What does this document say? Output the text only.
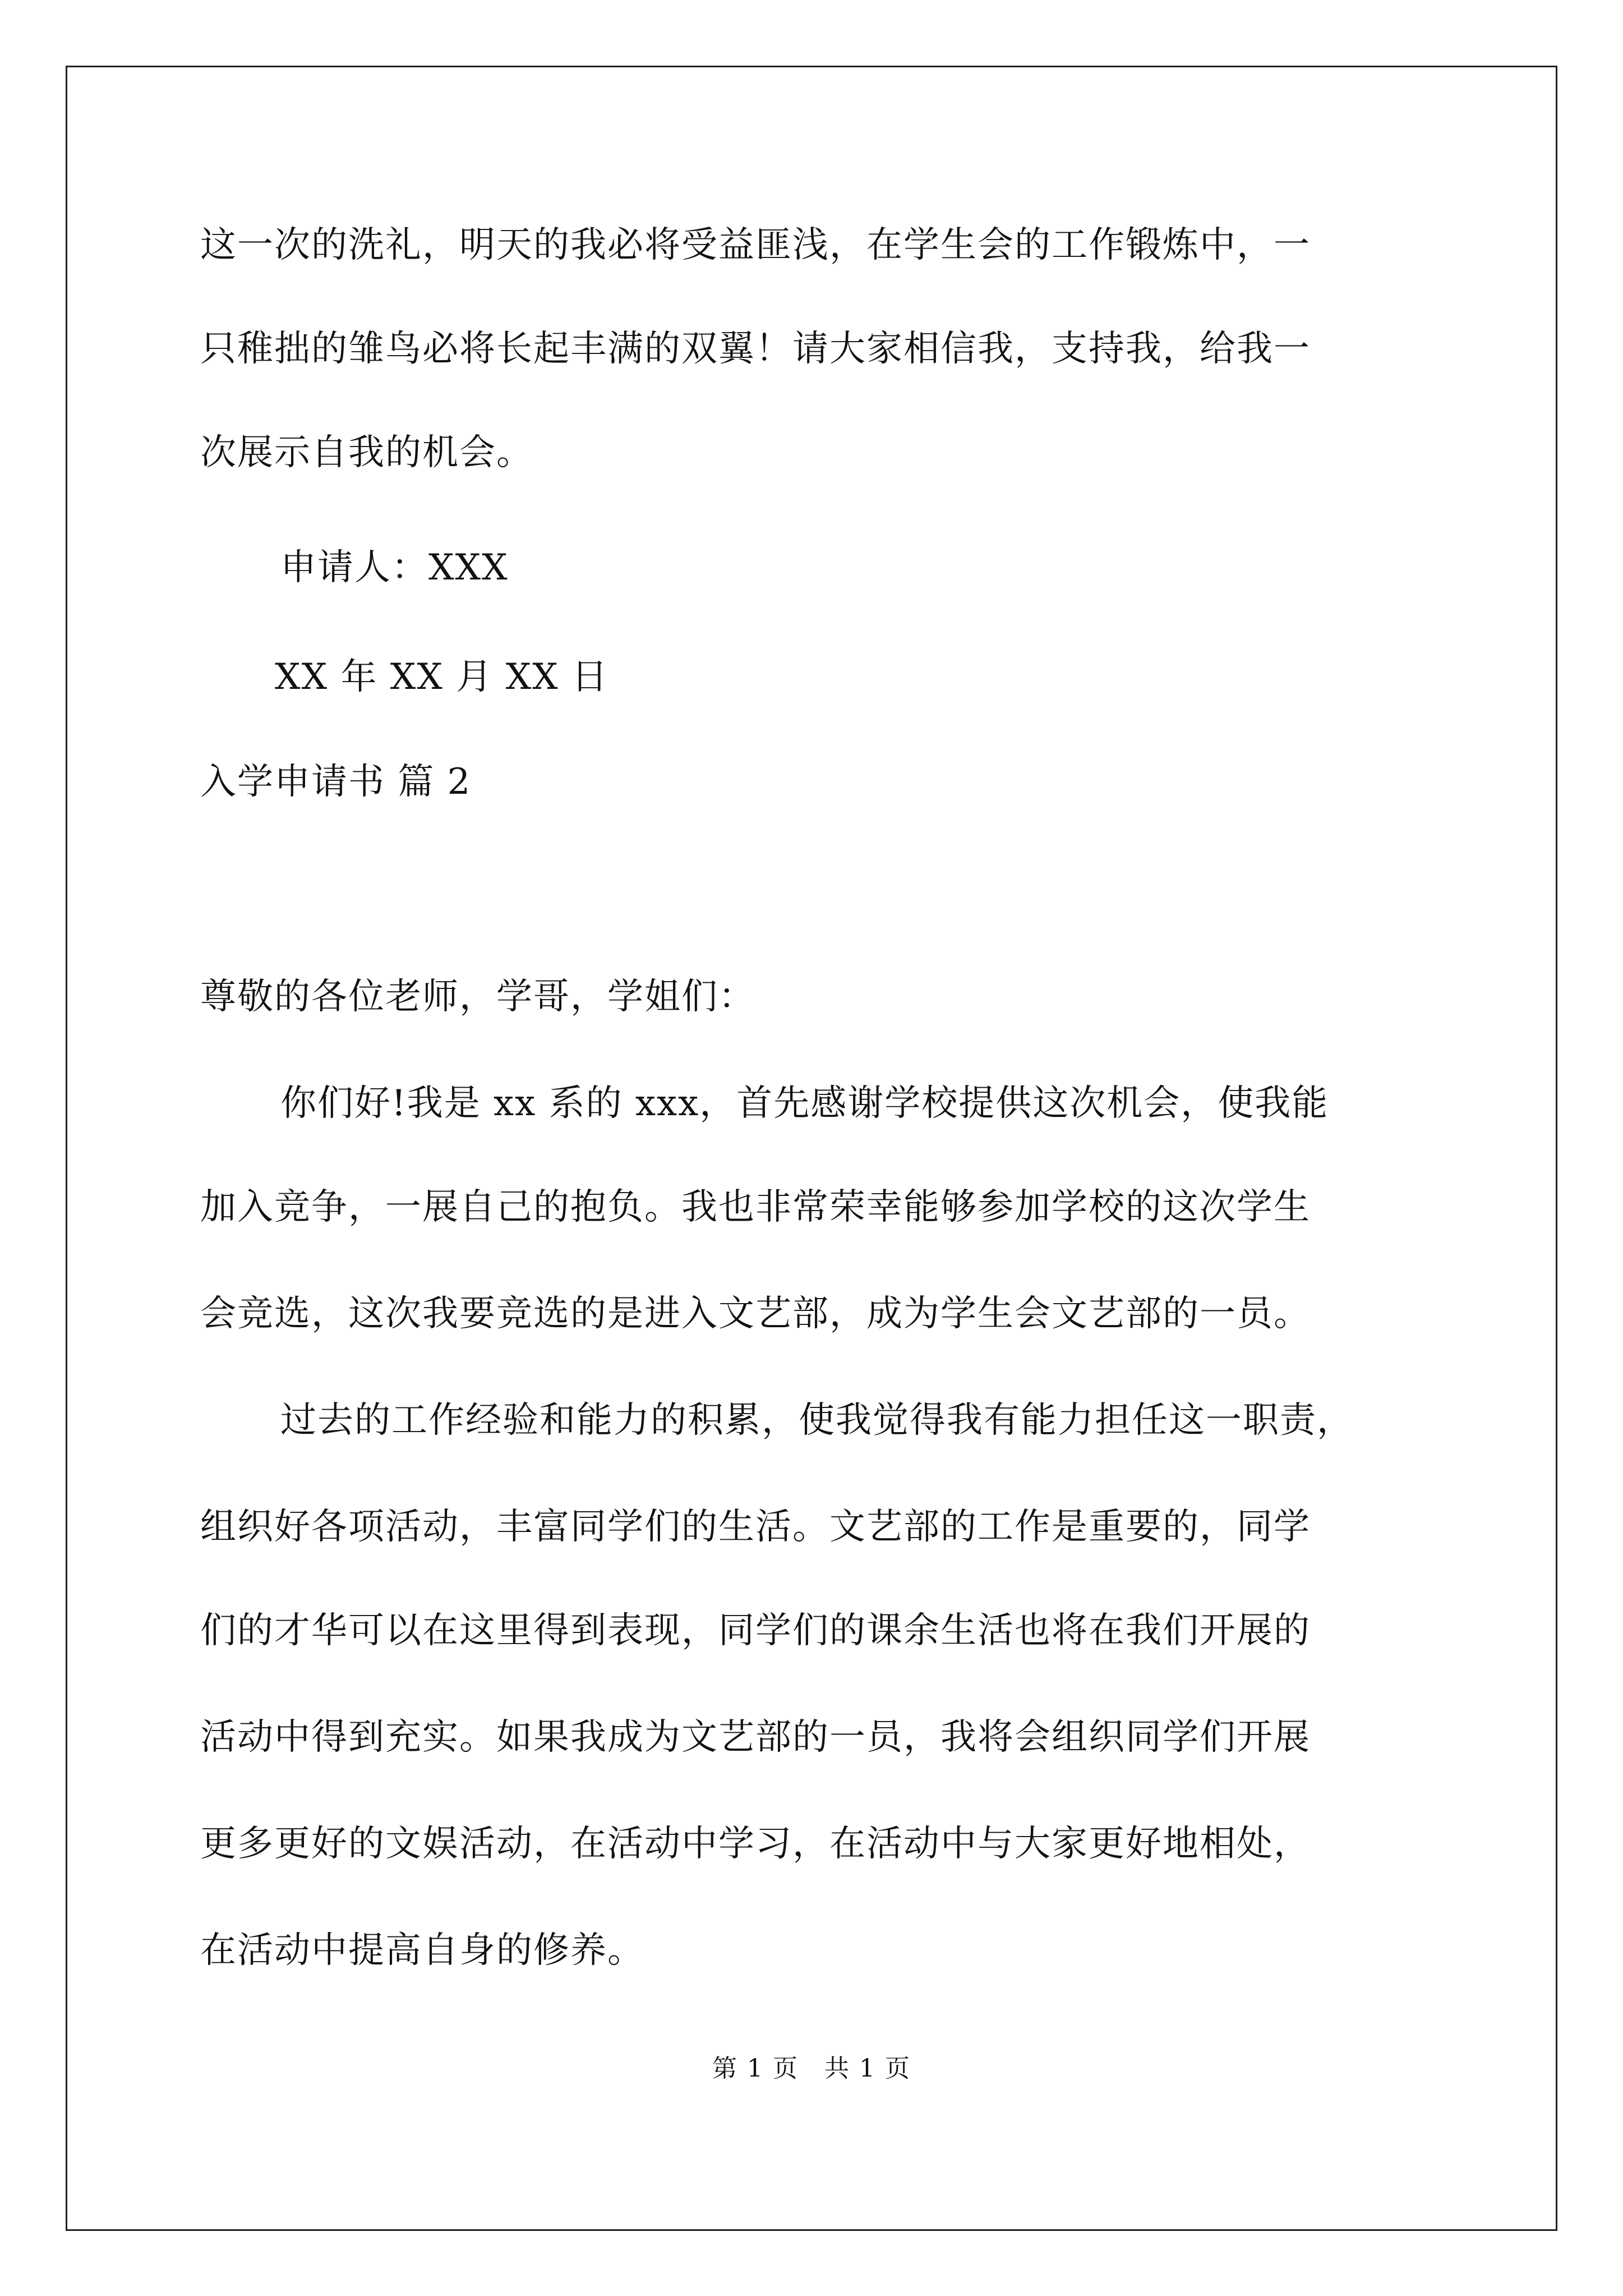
这一次的洗礼，明天的我必将受益匪浅，在学生会的工作锻炼中，一
只稚拙的雏鸟必将长起丰满的双翼！请大家相信我，支持我，给我一
次展示自我的机会。
申请人：XXX
XX 年 XX 月 XX 日
入学申请书 篇 2
尊敬的各位老师，学哥，学姐们：
你们好!我是 xx 系的 xxx，首先感谢学校提供这次机会，使我能
加入竞争，一展自己的抱负。我也非常荣幸能够参加学校的这次学生
会竞选，这次我要竞选的是进入文艺部，成为学生会文艺部的一员。
过去的工作经验和能力的积累，使我觉得我有能力担任这一职责，
组织好各项活动，丰富同学们的生活。文艺部的工作是重要的，同学
们的才华可以在这里得到表现，同学们的课余生活也将在我们开展的
活动中得到充实。如果我成为文艺部的一员，我将会组织同学们开展
更多更好的文娱活动，在活动中学习，在活动中与大家更好地相处，
在活动中提高自身的修养。
第 1 页　共 1 页
